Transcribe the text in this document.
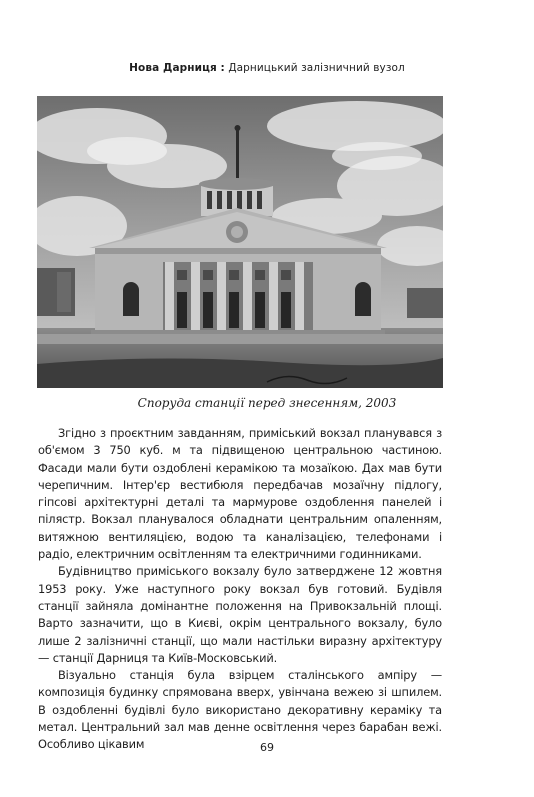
Нова Дарниця : Дарницький залізничний вузол
Споруда станції перед знесенням, 2003

Згідно з проєктним завданням, приміський вокзал планувався з об'ємом 3 750 куб. м та підвищеною центральною частиною. Фасади мали бути оздоблені керамікою та мозаїкою. Дах мав бути черепичним. Інтер'єр вестибюля передбачав мозаїчну підлогу, гіпсові архітектурні деталі та мармурове оздоблення панелей і пілястр. Вокзал планувалося обладнати центральним опаленням, витяжною вентиляцією, водою та каналізацією, телефонами і радіо, електричним освітленням та електричними годинниками.

Будівництво приміського вокзалу було затверджене 12 жовтня 1953 року. Уже наступного року вокзал був готовий. Будівля станції зайняла домінантне положення на Привокзальній площі. Варто зазначити, що в Києві, окрім центрального вокзалу, було лише 2 залізничні станції, що мали настільки виразну архітектуру — станції Дарниця та Київ-Московський.

Візуально станція була взірцем сталінського ампіру — композиція будинку спрямована вверх, увінчана вежею зі шпилем. В оздобленні будівлі було використано декоративну кераміку та метал. Центральний зал мав денне освітлення через барабан вежі. Особливо цікавим	69
